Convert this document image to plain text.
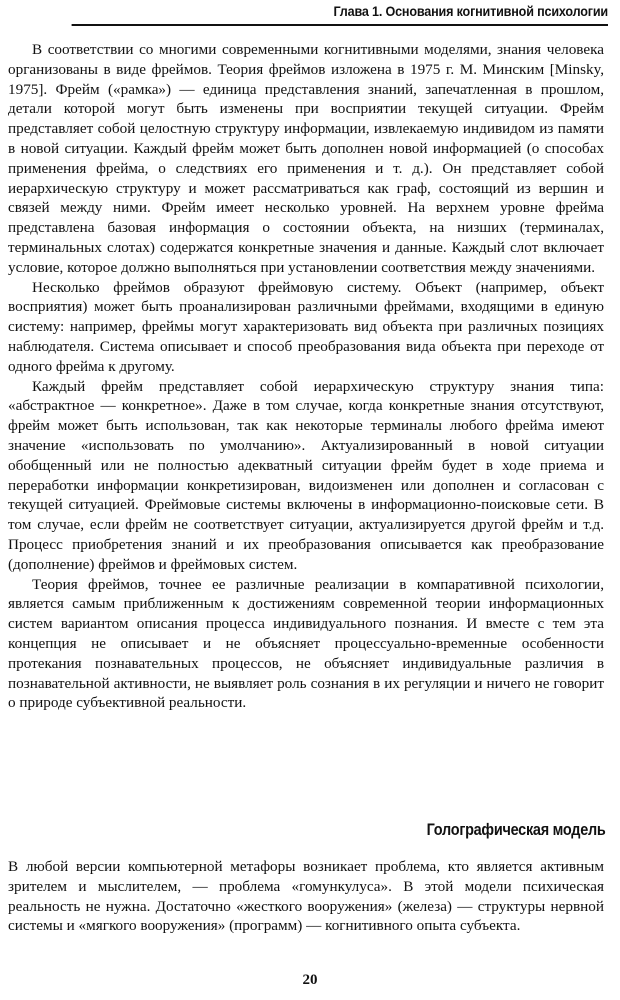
Глава 1. Основания когнитивной психологии

В соответствии со многими современными когнитивными моделями, знания человека организованы в виде фреймов. Теория фреймов изложена в 1975 г. М. Минским [Minsky, 1975]. Фрейм («рамка») — единица представления знаний, запечатленная в прошлом, детали которой могут быть изменены при восприятии текущей ситуации. Фрейм представляет собой целостную структуру информации, извлекаемую индивидом из памяти в новой ситуации. Каждый фрейм может быть дополнен новой информацией (о способах применения фрейма, о следствиях его применения и т. д.). Он представляет собой иерархическую структуру и может рассматриваться как граф, состоящий из вершин и связей между ними. Фрейм имеет несколько уровней. На верхнем уровне фрейма представлена базовая информация о состоянии объекта, на низших (терминалах, терминальных слотах) содержатся конкретные значения и данные. Каждый слот включает условие, которое должно выполняться при установлении соответствия между значениями.

Несколько фреймов образуют фреймовую систему. Объект (например, объект восприятия) может быть проанализирован различными фреймами, входящими в единую систему: например, фреймы могут характеризовать вид объекта при различных позициях наблюдателя. Система описывает и способ преобразования вида объекта при переходе от одного фрейма к другому.

Каждый фрейм представляет собой иерархическую структуру знания типа: «абстрактное — конкретное». Даже в том случае, когда конкретные знания отсутствуют, фрейм может быть использован, так как некоторые терминалы любого фрейма имеют значение «использовать по умолчанию». Актуализированный в новой ситуации обобщенный или не полностью адекватный ситуации фрейм будет в ходе приема и переработки информации конкретизирован, видоизменен или дополнен и согласован с текущей ситуацией. Фреймовые системы включены в информационно-поисковые сети. В том случае, если фрейм не соответствует ситуации, актуализируется другой фрейм и т.д. Процесс приобретения знаний и их преобразования описывается как преобразование (дополнение) фреймов и фреймовых систем.

Теория фреймов, точнее ее различные реализации в компаративной психологии, является самым приближенным к достижениям современной теории информационных систем вариантом описания процесса индивидуального познания. И вместе с тем эта концепция не описывает и не объясняет процессуально-временные особенности протекания познавательных процессов, не объясняет индивидуальные различия в познавательной активности, не выявляет роль сознания в их регуляции и ничего не говорит о природе субъективной реальности.

Голографическая модель

В любой версии компьютерной метафоры возникает проблема, кто является активным зрителем и мыслителем, — проблема «гомункулуса». В этой модели психическая реальность не нужна. Достаточно «жесткого вооружения» (железа) — структуры нервной системы и «мягкого вооружения» (программ) — когнитивного опыта субъекта.

20
